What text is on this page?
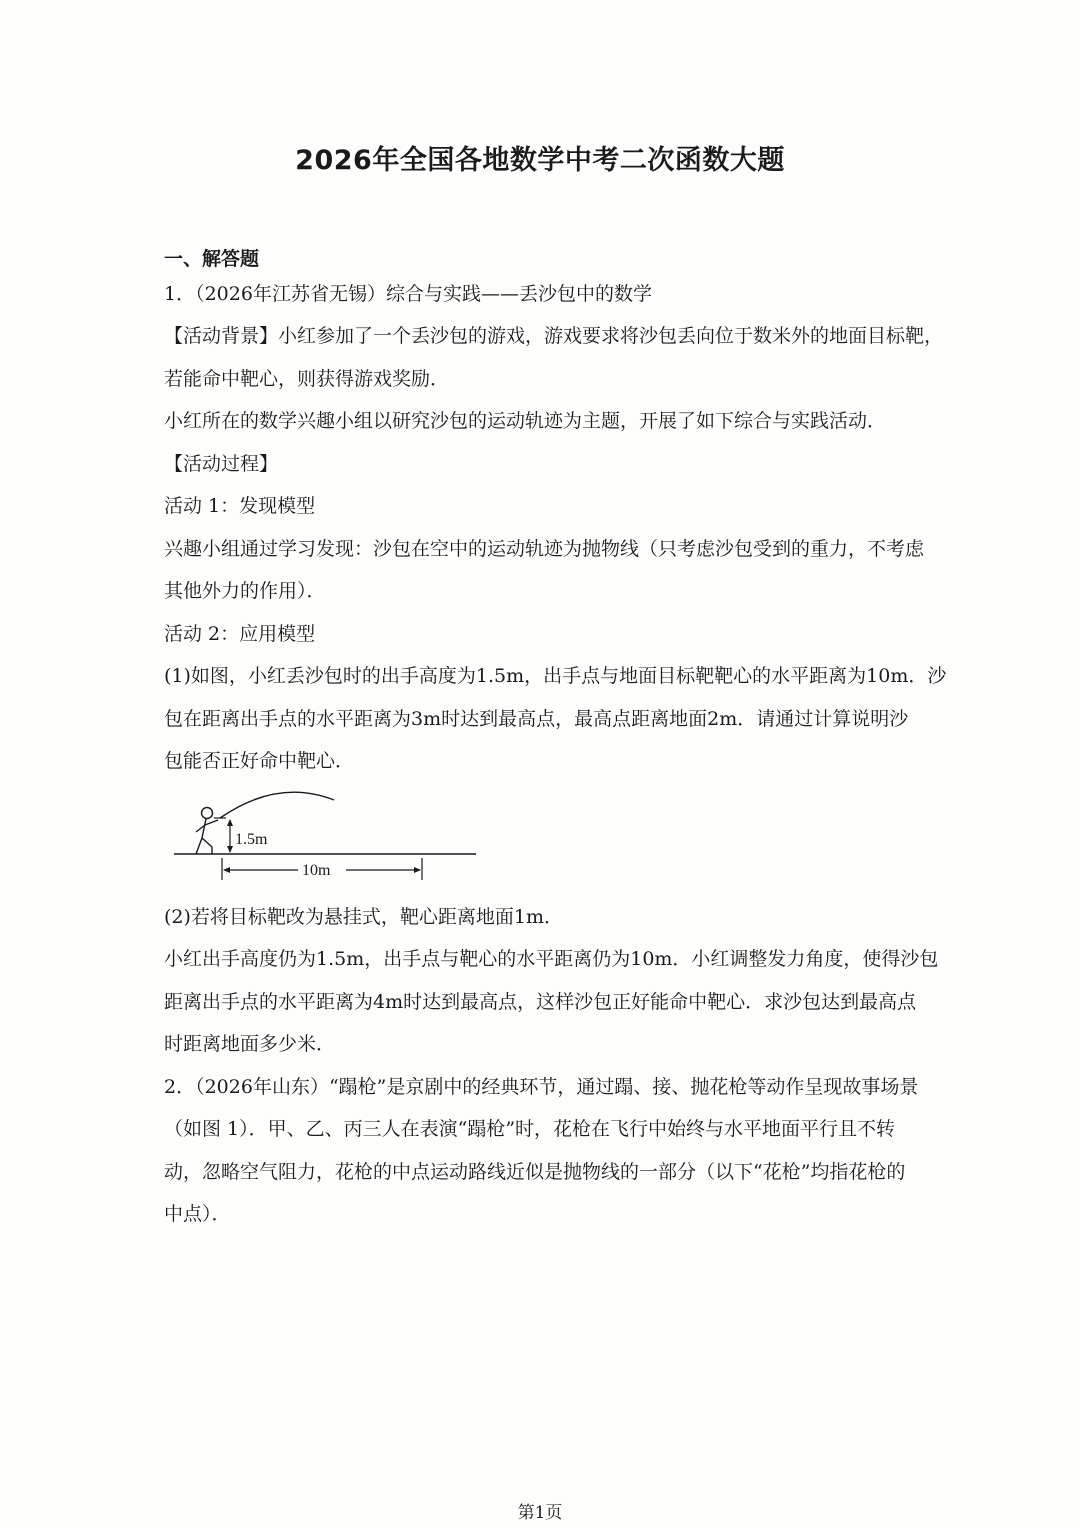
2026年全国各地数学中考二次函数大题
一、解答题
1．（2026年江苏省无锡）综合与实践——丢沙包中的数学
【活动背景】小红参加了一个丢沙包的游戏，游戏要求将沙包丢向位于数米外的地面目标靶，
若能命中靶心，则获得游戏奖励．
小红所在的数学兴趣小组以研究沙包的运动轨迹为主题，开展了如下综合与实践活动．
【活动过程】
活动 1：发现模型
兴趣小组通过学习发现：沙包在空中的运动轨迹为抛物线（只考虑沙包受到的重力，不考虑
其他外力的作用）．
活动 2：应用模型
(1)如图，小红丢沙包时的出手高度为1.5m，出手点与地面目标靶靶心的水平距离为10m．沙
包在距离出手点的水平距离为3m时达到最高点，最高点距离地面2m．请通过计算说明沙
包能否正好命中靶心．
1.5m
10m
(2)若将目标靶改为悬挂式，靶心距离地面1m．
小红出手高度仍为1.5m，出手点与靶心的水平距离仍为10m．小红调整发力角度，使得沙包
距离出手点的水平距离为4m时达到最高点，这样沙包正好能命中靶心．求沙包达到最高点
时距离地面多少米．
2．（2026年山东）“蹋枪”是京剧中的经典环节，通过蹋、接、抛花枪等动作呈现故事场景
（如图 1）．甲、乙、丙三人在表演“蹋枪”时，花枪在飞行中始终与水平地面平行且不转
动，忽略空气阻力，花枪的中点运动路线近似是抛物线的一部分（以下“花枪”均指花枪的
中点）．
第1页
